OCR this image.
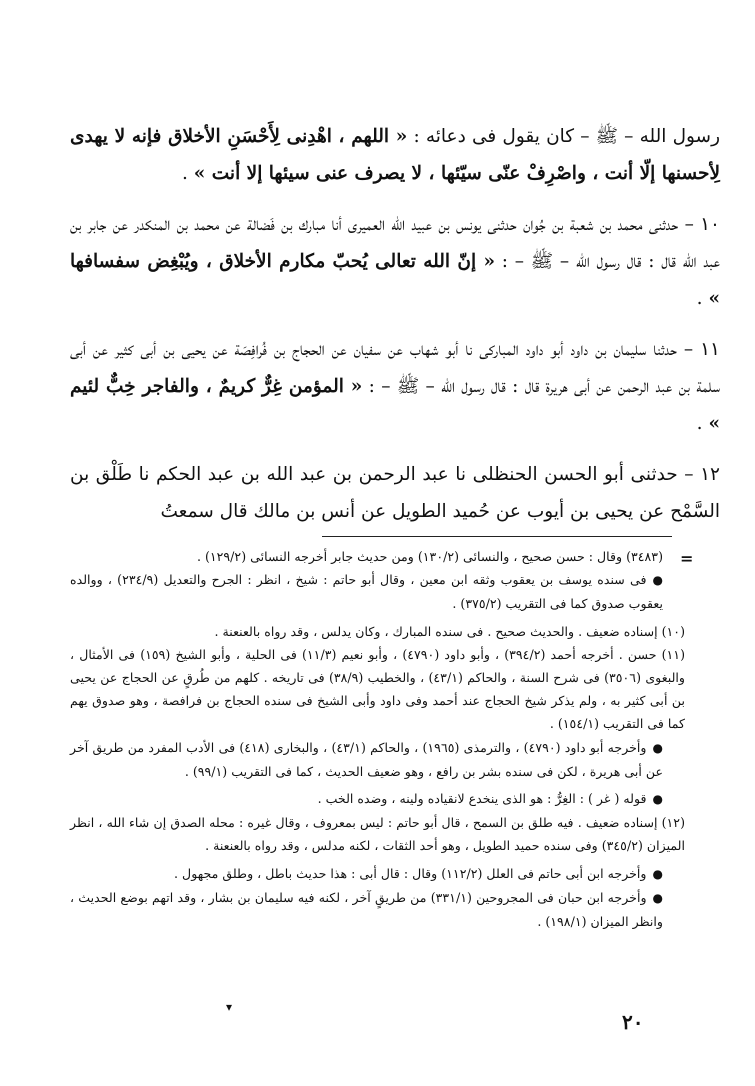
رسول الله – ﷺ – كان يقول فى دعائه : « اللهم ، اهْدِنى لِأَحْسَنِ الأخلاق فإنه لا يهدى لِأحسنها إلّا أنت ، واصْرِفْ عنّى سيّئها ، لا يصرف عنى سيئها إلا أنت » .

١٠ – حدثنى محمد بن شعبة بن جُوان حدثنى يونس بن عبيد الله العميرى أنا مبارك بن فَضالة عن محمد بن المنكدر عن جابر بن عبد الله قال : قال رسول الله – ﷺ – : « إنّ الله تعالى يُحبّ مكارم الأخلاق ، ويُبْغِض سفسافها » .

١١ – حدثنا سليمان بن داود أبو داود المباركى نا أبو شهاب عن سفيان عن الحجاج بن فُرافِصَة عن يحيى بن أبى كثير عن أبى سلمة بن عبد الرحمن عن أبى هريرة قال : قال رسول الله – ﷺ – : « المؤمن غِرٌّ كريمٌ ، والفاجر خِبٌّ لئيم » .

١٢ – حدثنى أبو الحسن الحنظلى نا عبد الرحمن بن عبد الله بن عبد الحكم نا طَلْق بن السَّمْح عن يحيى بن أيوب عن حُميد الطويل عن أنس بن مالك قال سمعتُ

=

(٣٤٨٣) وقال : حسن صحيح ، والنسائى (١٣٠/٢) ومن حديث جابر أخرجه النسائى (١٢٩/٢) .

● فى سنده يوسف بن يعقوب وثقه ابن معين ، وقال أبو حاتم : شيخ ، انظر : الجرح والتعديل (٢٣٤/٩) ، ووالده يعقوب صدوق كما فى التقريب (٣٧٥/٢) .

(١٠) إسناده ضعيف . والحديث صحيح . فى سنده المبارك ، وكان يدلس ، وقد رواه بالعنعنة .

(١١) حسن . أخرجه أحمد (٣٩٤/٢) ، وأبو داود (٤٧٩٠) ، وأبو نعيم (١١/٣) فى الحلية ، وأبو الشيخ (١٥٩) فى الأمثال ، والبغوى (٣٥٠٦) فى شرح السنة ، والحاكم (٤٣/١) ، والخطيب (٣٨/٩) فى تاريخه . كلهم من طُرقٍ عن الحجاج عن يحيى بن أبى كثير به ، ولم يذكر شيخ الحجاج عند أحمد وفى داود وأبى الشيخ فى سنده الحجاج بن فرافصة ، وهو صدوق يهم كما فى التقريب (١٥٤/١) .

● وأخرجه أبو داود (٤٧٩٠) ، والترمذى (١٩٦٥) ، والحاكم (٤٣/١) ، والبخارى (٤١٨) فى الأدب المفرد من طريق آخر عن أبى هريرة ، لكن فى سنده بشر بن رافع ، وهو ضعيف الحديث ، كما فى التقريب (٩٩/١) .

● قوله ( غر ) : الغِرُّ : هو الذى ينخدع لانقياده ولينه ، وضده الخب .

(١٢) إسناده ضعيف . فيه طلق بن السمح ، قال أبو حاتم : ليس بمعروف ، وقال غيره : محله الصدق إن شاء الله ، انظر الميزان (٣٤٥/٢) وفى سنده حميد الطويل ، وهو أحد الثقات ، لكنه مدلس ، وقد رواه بالعنعنة .

● وأخرجه ابن أبى حاتم فى العلل (١١٢/٢) وقال : قال أبى : هذا حديث باطل ، وطلق مجهول .

● وأخرجه ابن حبان فى المجروحين (٣٣١/١) من طريقٍ آخر ، لكنه فيه سليمان بن بشار ، وقد اتهم بوضع الحديث ، وانظر الميزان (١٩٨/١) .

▾
٢٠
